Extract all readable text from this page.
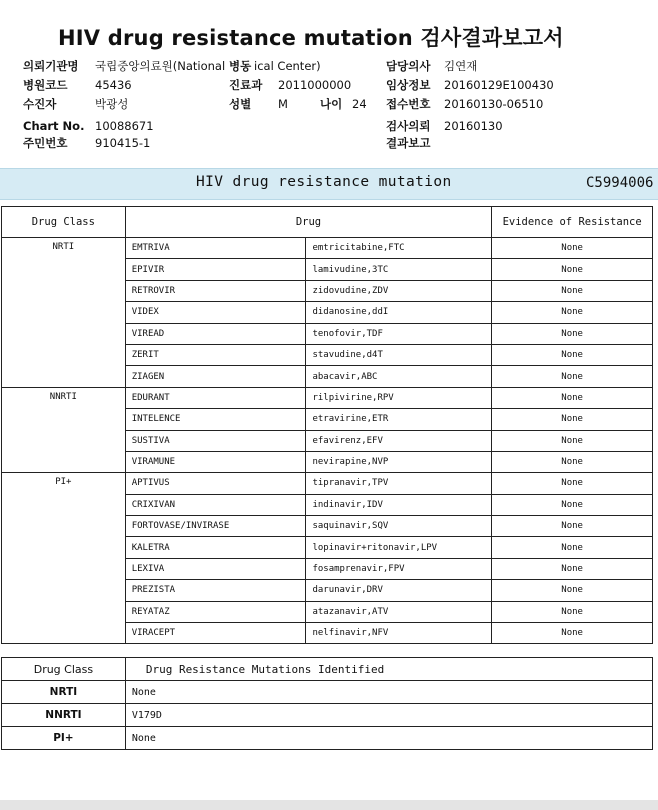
HIV drug resistance mutation 검사결과보고서
의뢰기관명 국립중앙의료원(National 병동 ical Center)	담당의사 김연재
병원코드 45436	진료과 2011000000	임상정보 20160129E100430
수진자	박광성	성별 M	나이 24 접수번호 20160130-06510
Chart No. 10088671	검사의뢰 20160130
주민번호 910415-1	결과보고
HIV drug resistance mutation	C5994006
Drug Class	Drug		Evidence of Resistance
NRTI	EMTRIVA	emtricitabine,FTC	None
	EPIVIR	lamivudine,3TC	None
	RETROVIR	zidovudine,ZDV	None
	VIDEX	didanosine,ddI	None
	VIREAD	tenofovir,TDF	None
	ZERIT	stavudine,d4T	None
	ZIAGEN	abacavir,ABC	None
NNRTI	EDURANT	rilpivirine,RPV	None
	INTELENCE	etravirine,ETR	None
	SUSTIVA	efavirenz,EFV	None
	VIRAMUNE	nevirapine,NVP	None
PI+	APTIVUS	tipranavir,TPV	None
	CRIXIVAN	indinavir,IDV	None
	FORTOVASE/INVIRASE	saquinavir,SQV	None
	KALETRA	lopinavir+ritonavir,LPV	None
	LEXIVA	fosamprenavir,FPV	None
	PREZISTA	darunavir,DRV	None
	REYATAZ	atazanavir,ATV	None
	VIRACEPT	nelfinavir,NFV	None
Drug Class	Drug Resistance Mutations Identified
NRTI	None
NNRTI	V179D
PI+	None
